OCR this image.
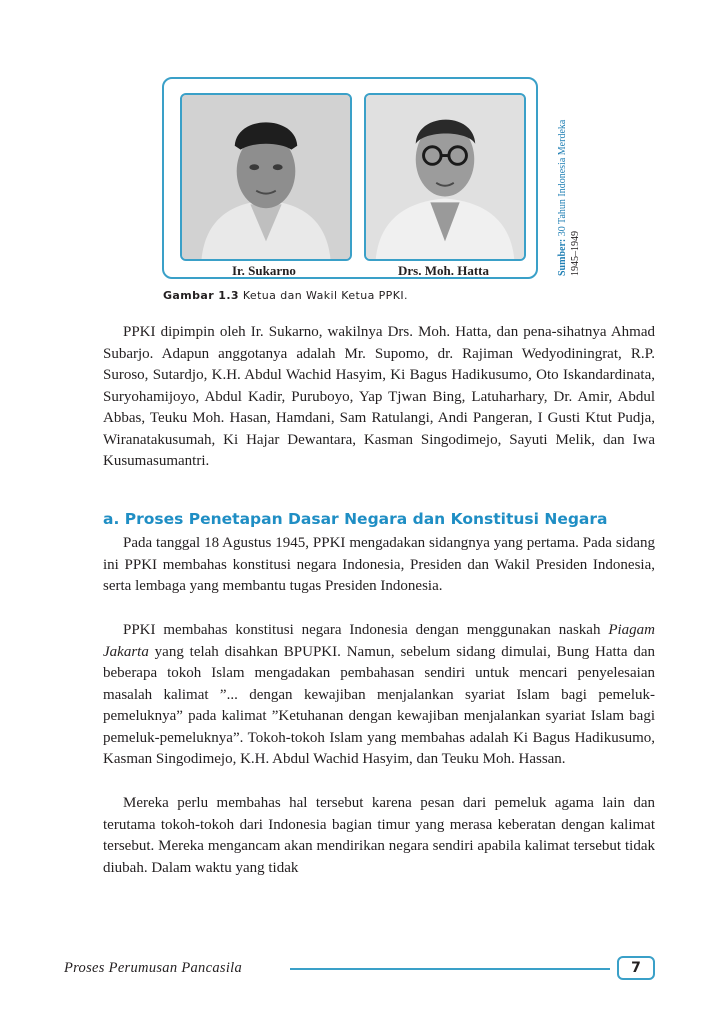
Ir. Sukarno	Drs. Moh. Hatta	Sumber: 30 Tahun Indonesia Merdeka
1945–1949
Gambar 1.3 Ketua dan Wakil Ketua PPKI.

PPKI dipimpin oleh Ir. Sukarno, wakilnya Drs. Moh. Hatta, dan pena-sihatnya Ahmad Subarjo. Adapun anggotanya adalah Mr. Supomo, dr. Rajiman Wedyodiningrat, R.P. Suroso, Sutardjo, K.H. Abdul Wachid Hasyim, Ki Bagus Hadikusumo, Oto Iskandardinata, Suryohamijoyo, Abdul Kadir, Puruboyo, Yap Tjwan Bing, Latuharhary, Dr. Amir, Abdul Abbas, Teuku Moh. Hasan, Hamdani, Sam Ratulangi, Andi Pangeran, I Gusti Ktut Pudja, Wiranatakusumah, Ki Hajar Dewantara, Kasman Singodimejo, Sayuti Melik, dan Iwa Kusumasumantri.

a. Proses Penetapan Dasar Negara dan Konstitusi Negara

Pada tanggal 18 Agustus 1945, PPKI mengadakan sidangnya yang pertama. Pada sidang ini PPKI membahas konstitusi negara Indonesia, Presiden dan Wakil Presiden Indonesia, serta lembaga yang membantu tugas Presiden Indonesia.

PPKI membahas konstitusi negara Indonesia dengan menggunakan naskah Piagam Jakarta yang telah disahkan BPUPKI. Namun, sebelum sidang dimulai, Bung Hatta dan beberapa tokoh Islam mengadakan pembahasan sendiri untuk mencari penyelesaian masalah kalimat ”... dengan kewajiban menjalankan syariat Islam bagi pemeluk-pemeluknya” pada kalimat ”Ketuhanan dengan kewajiban menjalankan syariat Islam bagi pemeluk-pemeluknya”. Tokoh-tokoh Islam yang membahas adalah Ki Bagus Hadikusumo, Kasman Singodimejo, K.H. Abdul Wachid Hasyim, dan Teuku Moh. Hassan.

Mereka perlu membahas hal tersebut karena pesan dari pemeluk agama lain dan terutama tokoh-tokoh dari Indonesia bagian timur yang merasa keberatan dengan kalimat tersebut. Mereka mengancam akan mendirikan negara sendiri apabila kalimat tersebut tidak diubah. Dalam waktu yang tidak

Proses Perumusan Pancasila	7
